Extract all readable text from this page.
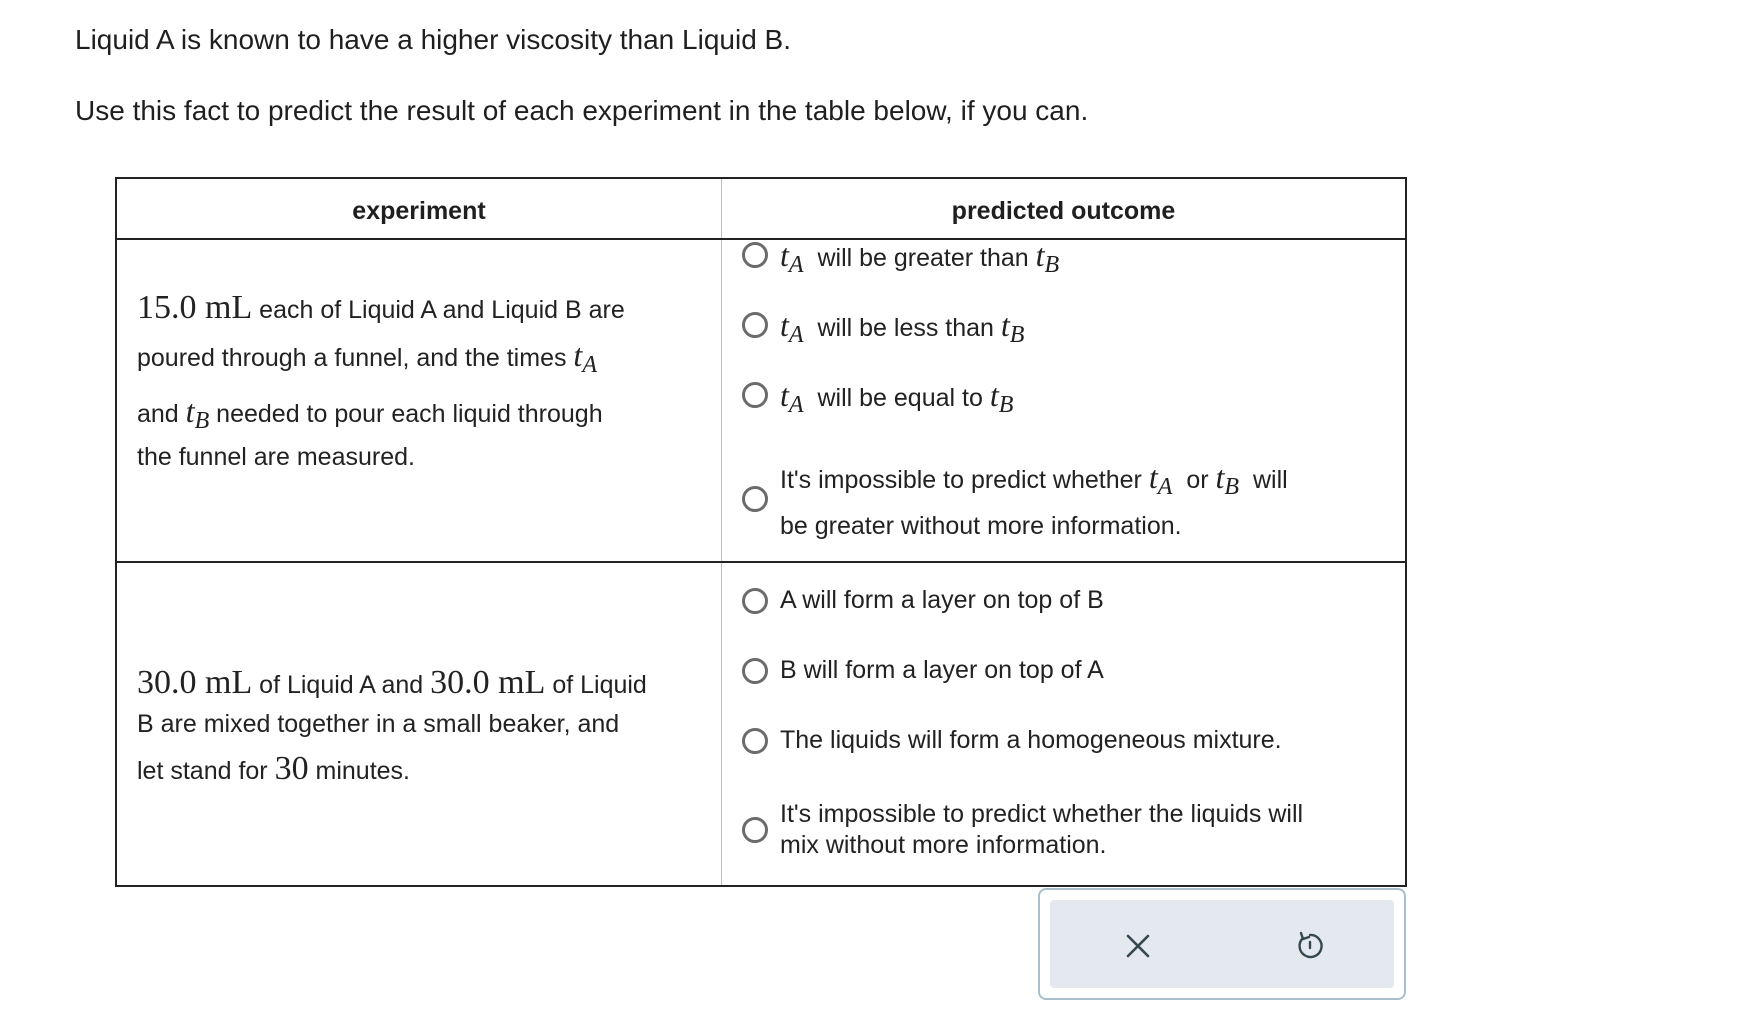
Liquid A is known to have a higher viscosity than Liquid B.
Use this fact to predict the result of each experiment in the table below, if you can.
experiment	predicted outcome
15.0 mL each of Liquid A and Liquid B are
poured through a funnel, and the times $t_A$
and $t_B$ needed to pour each liquid through
the funnel are measured.
$t_A$ will be greater than $t_B$
$t_A$ will be less than $t_B$
$t_A$ will be equal to $t_B$
It's impossible to predict whether $t_A$ or $t_B$ will
be greater without more information.
30.0 mL of Liquid A and 30.0 mL of Liquid
B are mixed together in a small beaker, and
let stand for 30 minutes.
A will form a layer on top of B
B will form a layer on top of A
The liquids will form a homogeneous mixture.
It's impossible to predict whether the liquids will
mix without more information.
